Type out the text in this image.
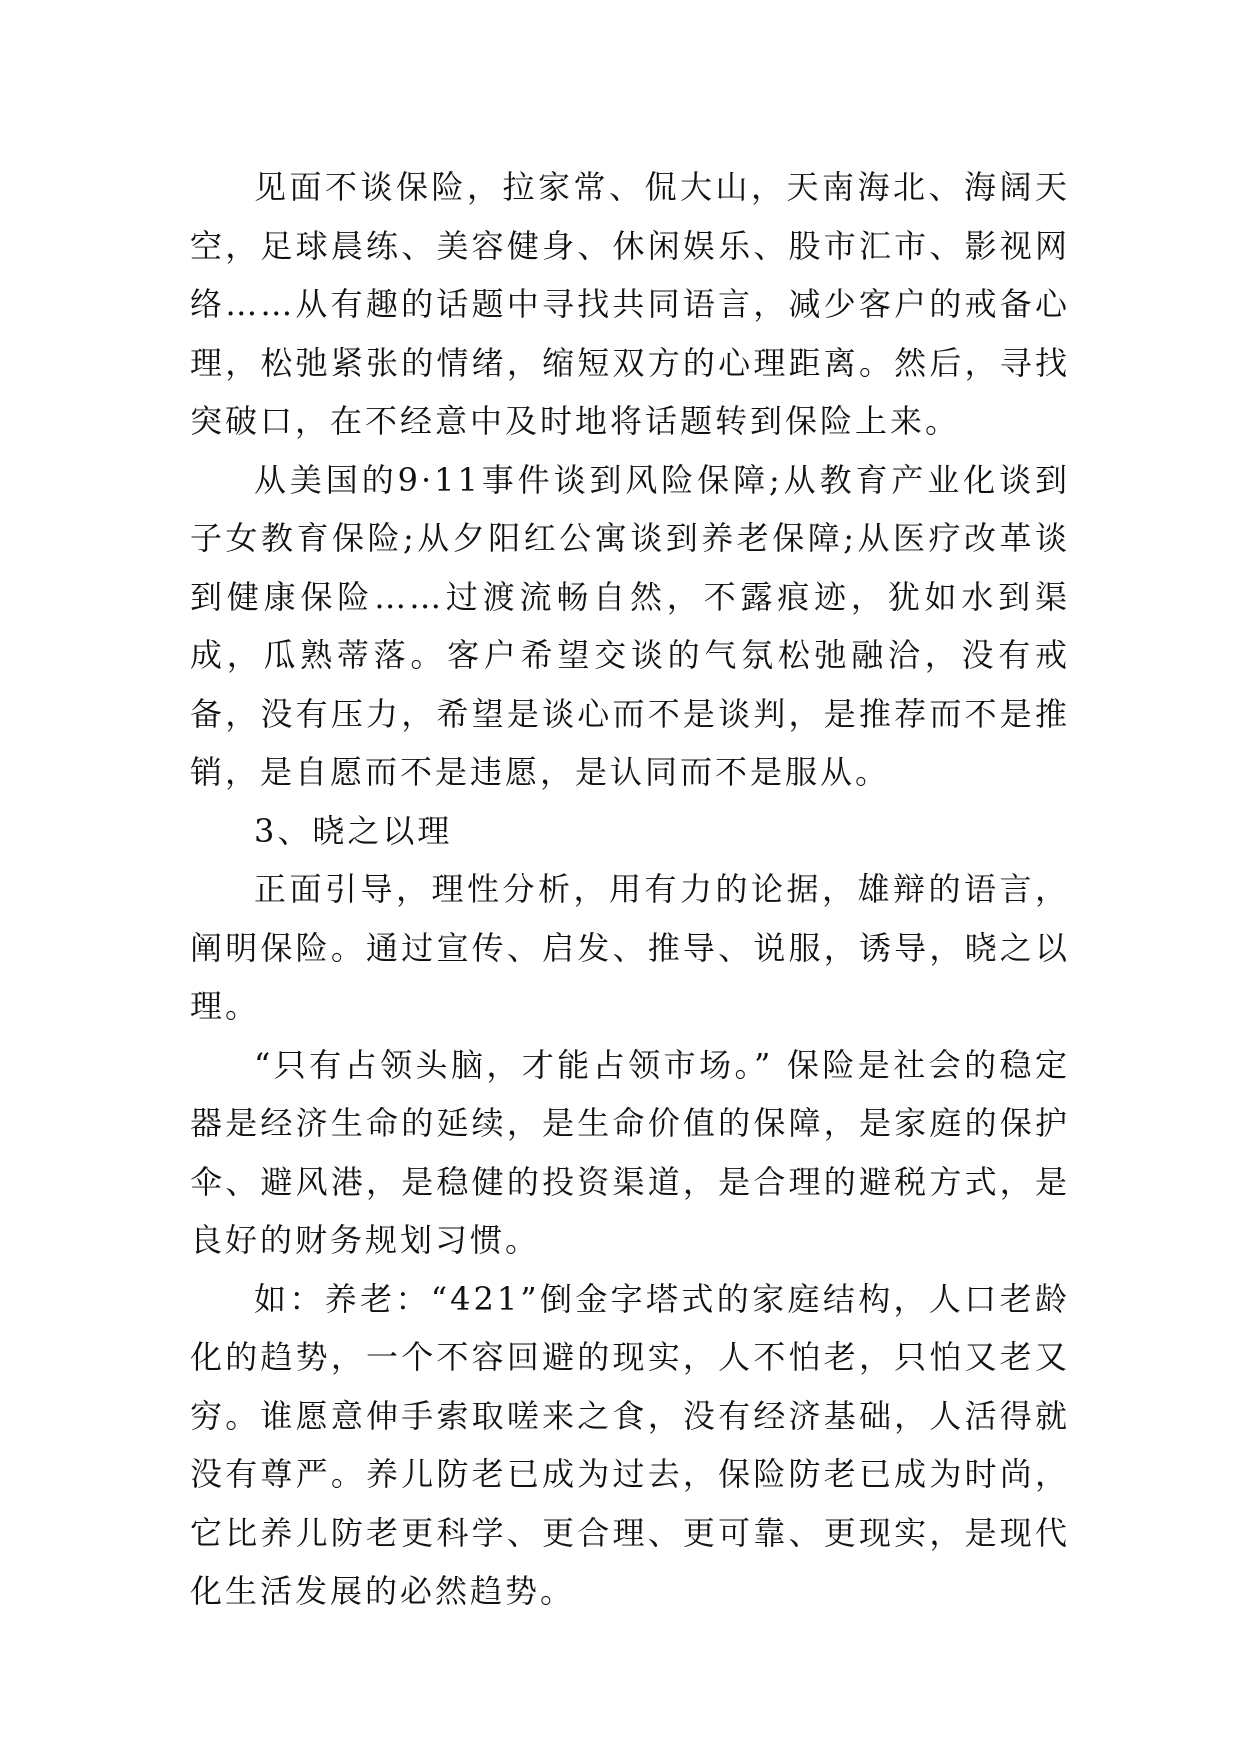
见面不谈保险，拉家常、侃大山，天南海北、海阔天空，足球晨练、美容健身、休闲娱乐、股市汇市、影视网络……从有趣的话题中寻找共同语言，减少客户的戒备心理，松弛紧张的情绪，缩短双方的心理距离。然后，寻找突破口，在不经意中及时地将话题转到保险上来。

从美国的9·11事件谈到风险保障;从教育产业化谈到子女教育保险;从夕阳红公寓谈到养老保障;从医疗改革谈到健康保险……过渡流畅自然，不露痕迹，犹如水到渠成，瓜熟蒂落。客户希望交谈的气氛松弛融洽，没有戒备，没有压力，希望是谈心而不是谈判，是推荐而不是推销，是自愿而不是违愿，是认同而不是服从。

3、晓之以理

正面引导，理性分析，用有力的论据，雄辩的语言，阐明保险。通过宣传、启发、推导、说服，诱导，晓之以理。

“只有占领头脑，才能占领市场。” 保险是社会的稳定器是经济生命的延续，是生命价值的保障，是家庭的保护伞、避风港，是稳健的投资渠道，是合理的避税方式，是良好的财务规划习惯。

如：养老：“421”倒金字塔式的家庭结构，人口老龄化的趋势，一个不容回避的现实，人不怕老，只怕又老又穷。谁愿意伸手索取嗟来之食，没有经济基础，人活得就没有尊严。养儿防老已成为过去，保险防老已成为时尚，它比养儿防老更科学、更合理、更可靠、更现实，是现代化生活发展的必然趋势。
